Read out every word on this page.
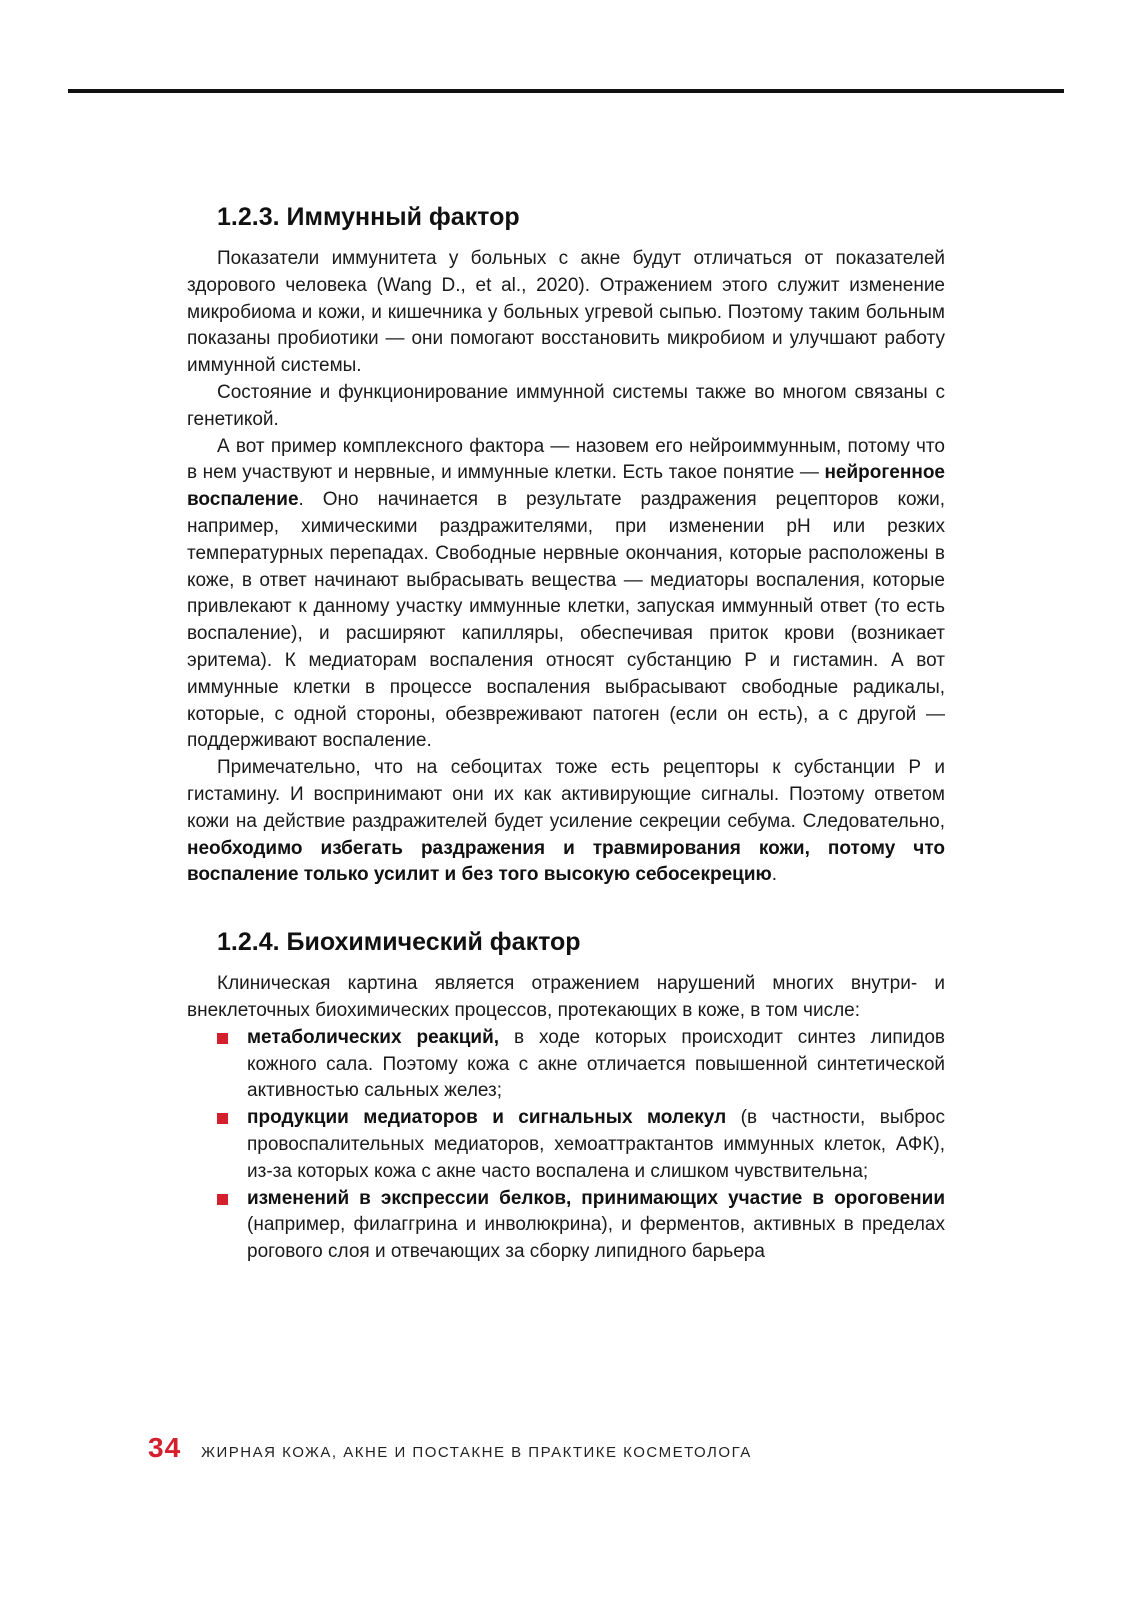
1.2.3. Иммунный фактор

Показатели иммунитета у больных с акне будут отличаться от показателей здорового человека (Wang D., et al., 2020). Отражением этого служит изменение микробиома и кожи, и кишечника у больных угревой сыпью. Поэтому таким больным показаны пробиотики — они помогают восстановить микробиом и улучшают работу иммунной системы.

Состояние и функционирование иммунной системы также во многом связаны с генетикой.

А вот пример комплексного фактора — назовем его нейроиммунным, потому что в нем участвуют и нервные, и иммунные клетки. Есть такое понятие — нейрогенное воспаление. Оно начинается в результате раздражения рецепторов кожи, например, химическими раздражителями, при изменении pH или резких температурных перепадах. Свободные нервные окончания, которые расположены в коже, в ответ начинают выбрасывать вещества — медиаторы воспаления, которые привлекают к данному участку иммунные клетки, запуская иммунный ответ (то есть воспаление), и расширяют капилляры, обеспечивая приток крови (возникает эритема). К медиаторам воспаления относят субстанцию Р и гистамин. А вот иммунные клетки в процессе воспаления выбрасывают свободные радикалы, которые, с одной стороны, обезвреживают патоген (если он есть), а с другой — поддерживают воспаление.

Примечательно, что на себоцитах тоже есть рецепторы к субстанции Р и гистамину. И воспринимают они их как активирующие сигналы. Поэтому ответом кожи на действие раздражителей будет усиление секреции себума. Следовательно, необходимо избегать раздражения и травмирования кожи, потому что воспаление только усилит и без того высокую себосекрецию.

1.2.4. Биохимический фактор

Клиническая картина является отражением нарушений многих внутри- и внеклеточных биохимических процессов, протекающих в коже, в том числе:

метаболических реакций, в ходе которых происходит синтез липидов кожного сала. Поэтому кожа с акне отличается повышенной синтетической активностью сальных желез;
продукции медиаторов и сигнальных молекул (в частности, выброс провоспалительных медиаторов, хемоаттрактантов иммунных клеток, АФК), из-за которых кожа с акне часто воспалена и слишком чувствительна;
изменений в экспрессии белков, принимающих участие в ороговении (например, филаггрина и инволюкрина), и ферментов, активных в пределах рогового слоя и отвечающих за сборку липидного барьера
34 ЖИРНАЯ КОЖА, АКНЕ И ПОСТАКНЕ В ПРАКТИКЕ КОСМЕТОЛОГА
